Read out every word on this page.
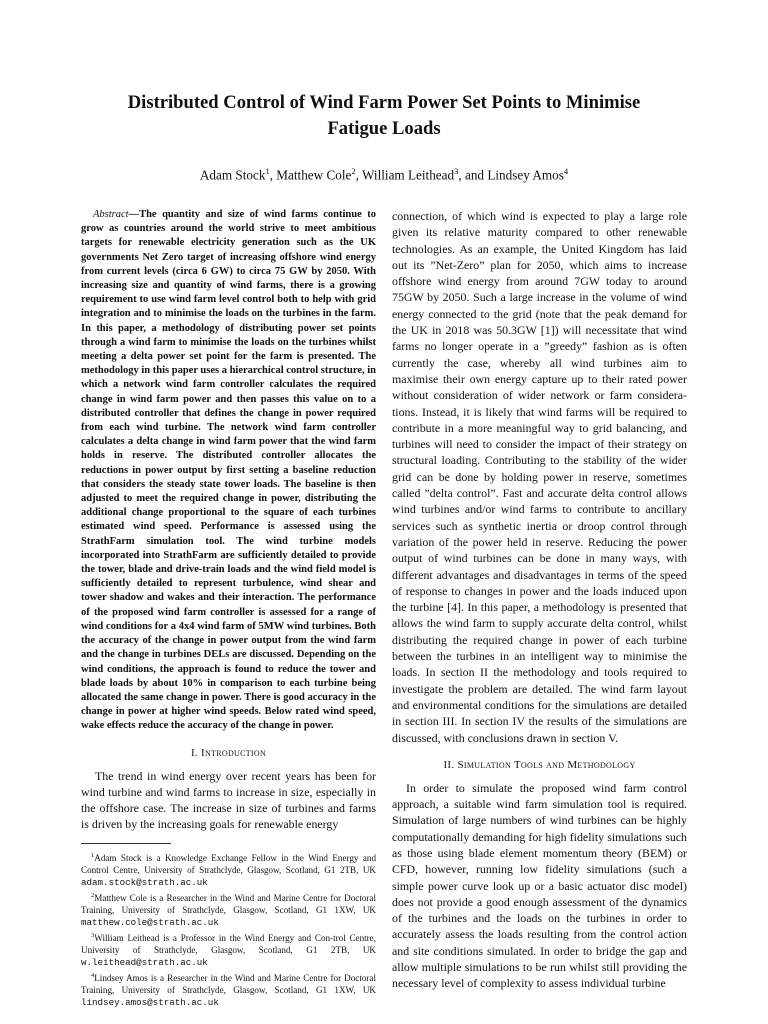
Distributed Control of Wind Farm Power Set Points to Minimise
Fatigue Loads
Adam Stock$^1$, Matthew Cole$^2$, William Leithead$^3$, and Lindsey Amos$^4$

Abstract—The quantity and size of wind farms continue to grow as countries around the world strive to meet ambitious targets for renewable electricity generation such as the UK governments Net Zero target of increasing offshore wind energy from current levels (circa 6 GW) to circa 75 GW by 2050. With increasing size and quantity of wind farms, there is a growing requirement to use wind farm level control both to help with grid integration and to minimise the loads on the turbines in the farm. In this paper, a methodology of distributing power set points through a wind farm to minimise the loads on the turbines whilst meeting a delta power set point for the farm is presented. The methodology in this paper uses a hierarchical control structure, in which a network wind farm controller calculates the required change in wind farm power and then passes this value on to a distributed controller that defines the change in power required from each wind turbine. The network wind farm controller calculates a delta change in wind farm power that the wind farm holds in reserve. The distributed controller allocates the reductions in power output by first setting a baseline reduction that considers the steady state tower loads. The baseline is then adjusted to meet the required change in power, distributing the additional change proportional to the square of each turbines estimated wind speed. Performance is assessed using the StrathFarm simulation tool. The wind turbine models incorporated into StrathFarm are sufficiently detailed to provide the tower, blade and drive-train loads and the wind field model is sufficiently detailed to represent turbulence, wind shear and tower shadow and wakes and their interaction. The performance of the proposed wind farm controller is assessed for a range of wind conditions for a 4x4 wind farm of 5MW wind turbines. Both the accuracy of the change in power output from the wind farm and the change in turbines DELs are discussed. Depending on the wind conditions, the approach is found to reduce the tower and blade loads by about 10% in comparison to each turbine being allocated the same change in power. There is good accuracy in the change in power at higher wind speeds. Below rated wind speed, wake effects reduce the accuracy of the change in power.

I. Introduction

The trend in wind energy over recent years has been for wind turbine and wind farms to increase in size, especially in the offshore case. The increase in size of turbines and farms is driven by the increasing goals for renewable energy

$^1$Adam Stock is a Knowledge Exchange Fellow in the Wind Energy and Control Centre, University of Strathclyde, Glasgow, Scotland, G1 2TB, UK adam.stock@strath.ac.uk

$^2$Matthew Cole is a Researcher in the Wind and Marine Centre for Doctoral Training, University of Strathclyde, Glasgow, Scotland, G1 1XW, UK matthew.cole@strath.ac.uk

$^3$William Leithead is a Professor in the Wind Energy and Con-trol Centre, University of Strathclyde, Glasgow, Scotland, G1 2TB, UK w.leithead@strath.ac.uk

$^4$Lindsey Amos is a Researcher in the Wind and Marine Centre for Doctoral Training, University of Strathclyde, Glasgow, Scotland, G1 1XW, UK lindsey.amos@strath.ac.uk

connection, of which wind is expected to play a large role given its relative maturity compared to other renewable technologies. As an example, the United Kingdom has laid out its ”Net-Zero” plan for 2050, which aims to increase offshore wind energy from around 7GW today to around 75GW by 2050. Such a large increase in the volume of wind energy connected to the grid (note that the peak demand for the UK in 2018 was 50.3GW [1]) will necessitate that wind farms no longer operate in a ”greedy” fashion as is often currently the case, whereby all wind turbines aim to maximise their own energy capture up to their rated power without consideration of wider network or farm considera-tions. Instead, it is likely that wind farms will be required to contribute in a more meaningful way to grid balancing, and turbines will need to consider the impact of their strategy on structural loading. Contributing to the stability of the wider grid can be done by holding power in reserve, sometimes called ”delta control”. Fast and accurate delta control allows wind turbines and/or wind farms to contribute to ancillary services such as synthetic inertia or droop control through variation of the power held in reserve. Reducing the power output of wind turbines can be done in many ways, with different advantages and disadvantages in terms of the speed of response to changes in power and the loads induced upon the turbine [4]. In this paper, a methodology is presented that allows the wind farm to supply accurate delta control, whilst distributing the required change in power of each turbine between the turbines in an intelligent way to minimise the loads. In section II the methodology and tools required to investigate the problem are detailed. The wind farm layout and environmental conditions for the simulations are detailed in section III. In section IV the results of the simulations are discussed, with conclusions drawn in section V.

II. Simulation Tools and Methodology

In order to simulate the proposed wind farm control approach, a suitable wind farm simulation tool is required. Simulation of large numbers of wind turbines can be highly computationally demanding for high fidelity simulations such as those using blade element momentum theory (BEM) or CFD, however, running low fidelity simulations (such a simple power curve look up or a basic actuator disc model) does not provide a good enough assessment of the dynamics of the turbines and the loads on the turbines in order to accurately assess the loads resulting from the control action and site conditions simulated. In order to bridge the gap and allow multiple simulations to be run whilst still providing the necessary level of complexity to assess individual turbine
